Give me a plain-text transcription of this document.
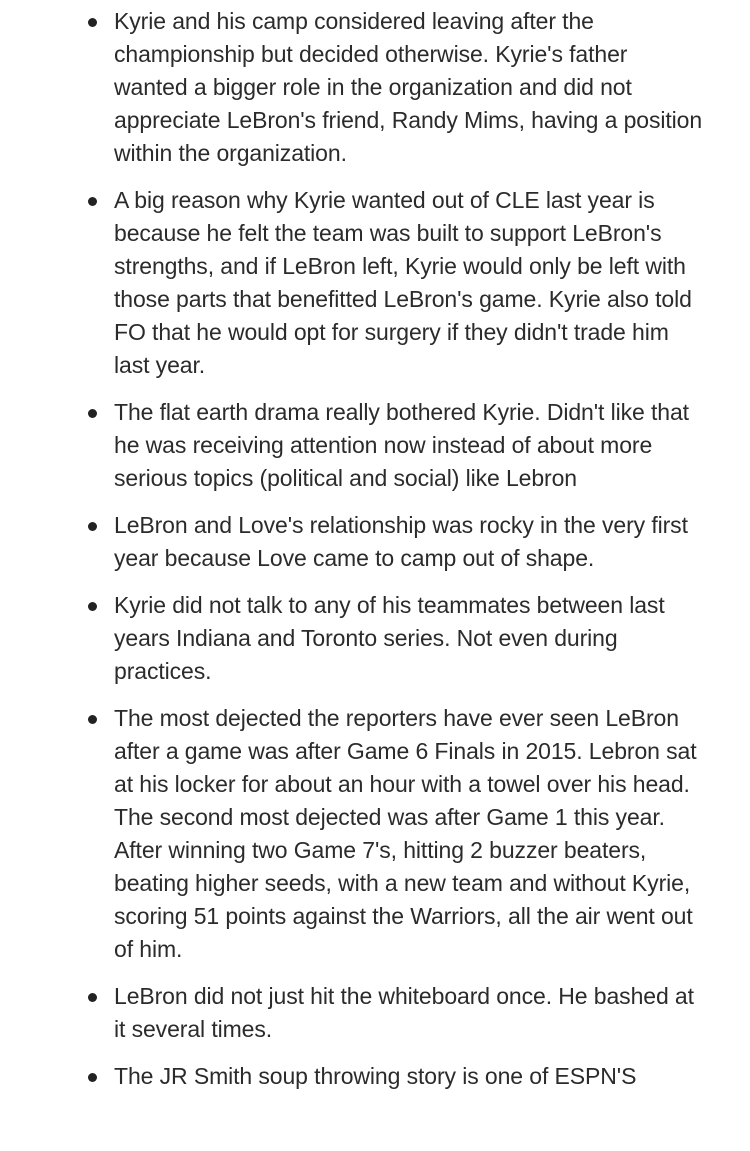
Kyrie and his camp considered leaving after the championship but decided otherwise. Kyrie's father wanted a bigger role in the organization and did not appreciate LeBron's friend, Randy Mims, having a position within the organization.
A big reason why Kyrie wanted out of CLE last year is because he felt the team was built to support LeBron's strengths, and if LeBron left, Kyrie would only be left with those parts that benefitted LeBron's game. Kyrie also told FO that he would opt for surgery if they didn't trade him last year.
The flat earth drama really bothered Kyrie. Didn't like that he was receiving attention now instead of about more serious topics (political and social) like Lebron
LeBron and Love's relationship was rocky in the very first year because Love came to camp out of shape.
Kyrie did not talk to any of his teammates between last years Indiana and Toronto series. Not even during practices.
The most dejected the reporters have ever seen LeBron after a game was after Game 6 Finals in 2015. Lebron sat at his locker for about an hour with a towel over his head. The second most dejected was after Game 1 this year. After winning two Game 7's, hitting 2 buzzer beaters, beating higher seeds, with a new team and without Kyrie, scoring 51 points against the Warriors, all the air went out of him.
LeBron did not just hit the whiteboard once. He bashed at it several times.
The JR Smith soup throwing story is one of ESPN'S
